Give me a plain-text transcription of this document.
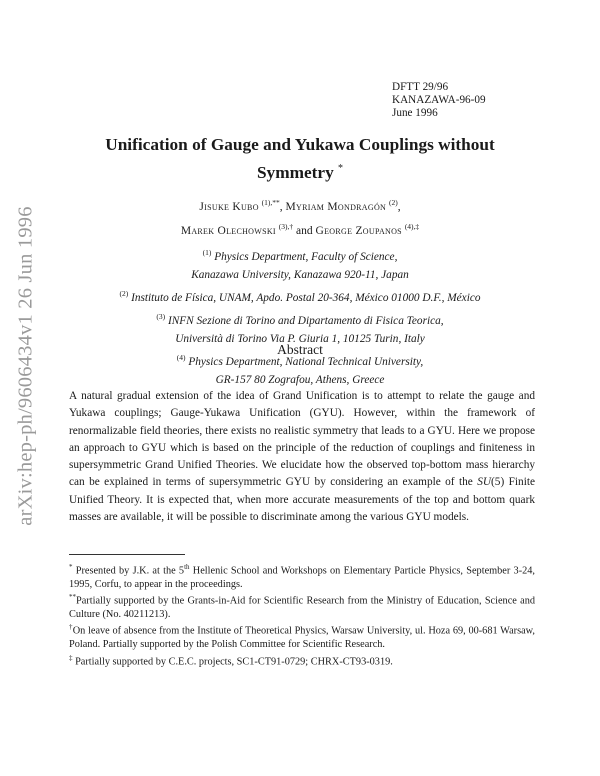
arXiv:hep-ph/9606434v1 26 Jun 1996
DFTT 29/96
KANAZAWA-96-09
June 1996
Unification of Gauge and Yukawa Couplings without
Symmetry *
Jisuke Kubo $^{(1),**}$, Myriam Mondragón $^{(2)}$,
Marek Olechowski $^{(3),\dagger}$ and George Zoupanos $^{(4),\ddagger}$
$^{(1)}$ Physics Department, Faculty of Science,
Kanazawa University, Kanazawa 920-11, Japan
$^{(2)}$ Instituto de Física, UNAM, Apdo. Postal 20-364, México 01000 D.F., México
$^{(3)}$ INFN Sezione di Torino and Dipartamento di Fisica Teorica,
Università di Torino Via P. Giuria 1, 10125 Turin, Italy
$^{(4)}$ Physics Department, National Technical University,
GR-157 80 Zografou, Athens, Greece
Abstract

A natural gradual extension of the idea of Grand Unification is to attempt to relate the gauge and Yukawa couplings; Gauge-Yukawa Unification (GYU). However, within the framework of renormalizable field theories, there exists no realistic symmetry that leads to a GYU. Here we propose an approach to GYU which is based on the principle of the reduction of couplings and finiteness in supersymmetric Grand Unified Theories. We elucidate how the observed top-bottom mass hierarchy can be explained in terms of supersymmetric GYU by considering an example of the SU(5) Finite Unified Theory. It is expected that, when more accurate measurements of the top and bottom quark masses are available, it will be possible to discriminate among the various GYU models.

* Presented by J.K. at the 5th Hellenic School and Workshops on Elementary Particle Physics, September 3-24, 1995, Corfu, to appear in the proceedings.

**Partially supported by the Grants-in-Aid for Scientific Research from the Ministry of Education, Science and Culture (No. 40211213).

†On leave of absence from the Institute of Theoretical Physics, Warsaw University, ul. Hoza 69, 00-681 Warsaw, Poland. Partially supported by the Polish Committee for Scientific Research.

‡ Partially supported by C.E.C. projects, SC1-CT91-0729; CHRX-CT93-0319.
